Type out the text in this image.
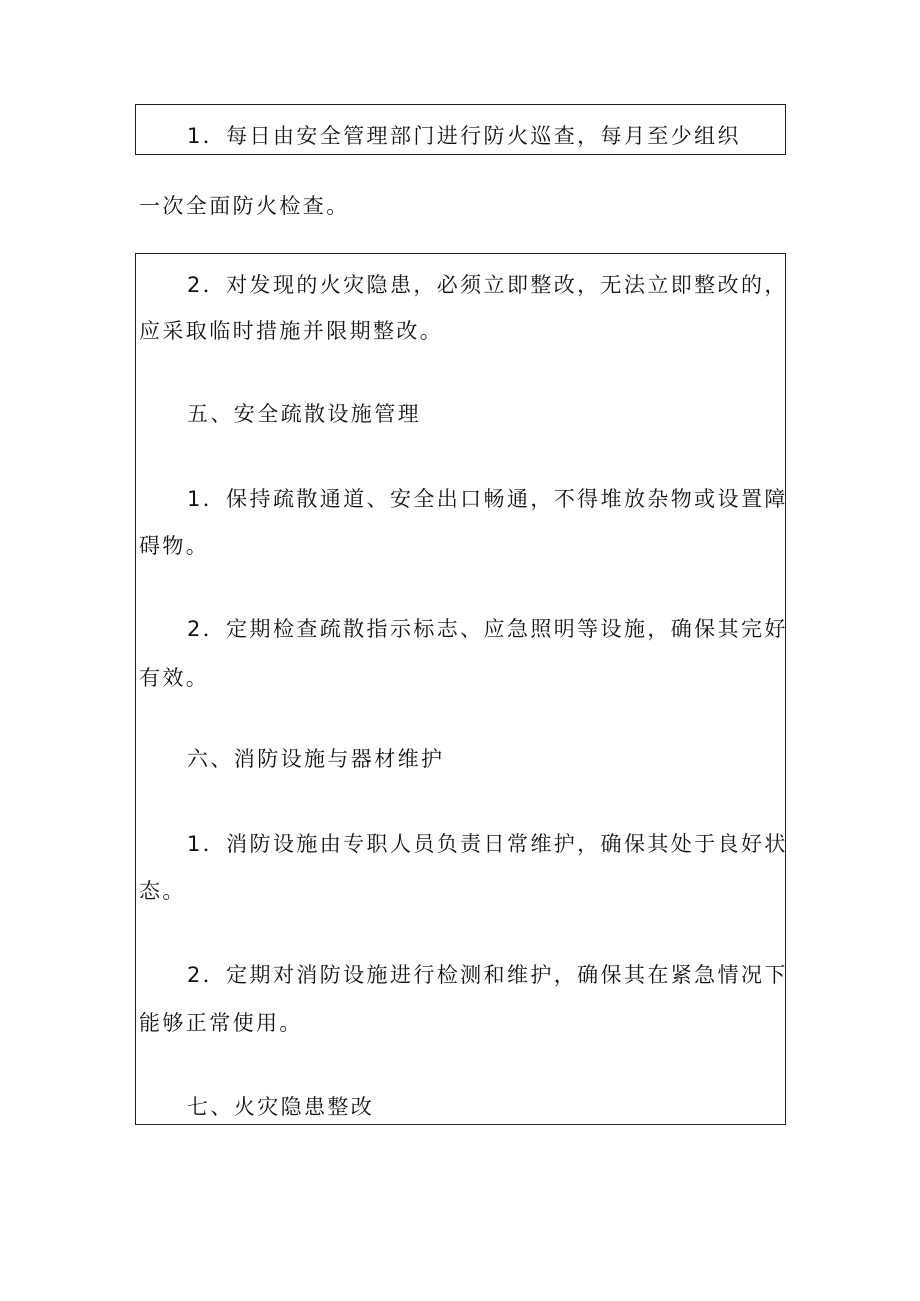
1．每日由安全管理部门进行防火巡查，每月至少组织
一次全面防火检查。
2．对发现的火灾隐患，必须立即整改，无法立即整改的，
应采取临时措施并限期整改。
五、安全疏散设施管理
1．保持疏散通道、安全出口畅通，不得堆放杂物或设置障
碍物。
2．定期检查疏散指示标志、应急照明等设施，确保其完好
有效。
六、消防设施与器材维护
1．消防设施由专职人员负责日常维护，确保其处于良好状
态。
2．定期对消防设施进行检测和维护，确保其在紧急情况下
能够正常使用。
七、火灾隐患整改
